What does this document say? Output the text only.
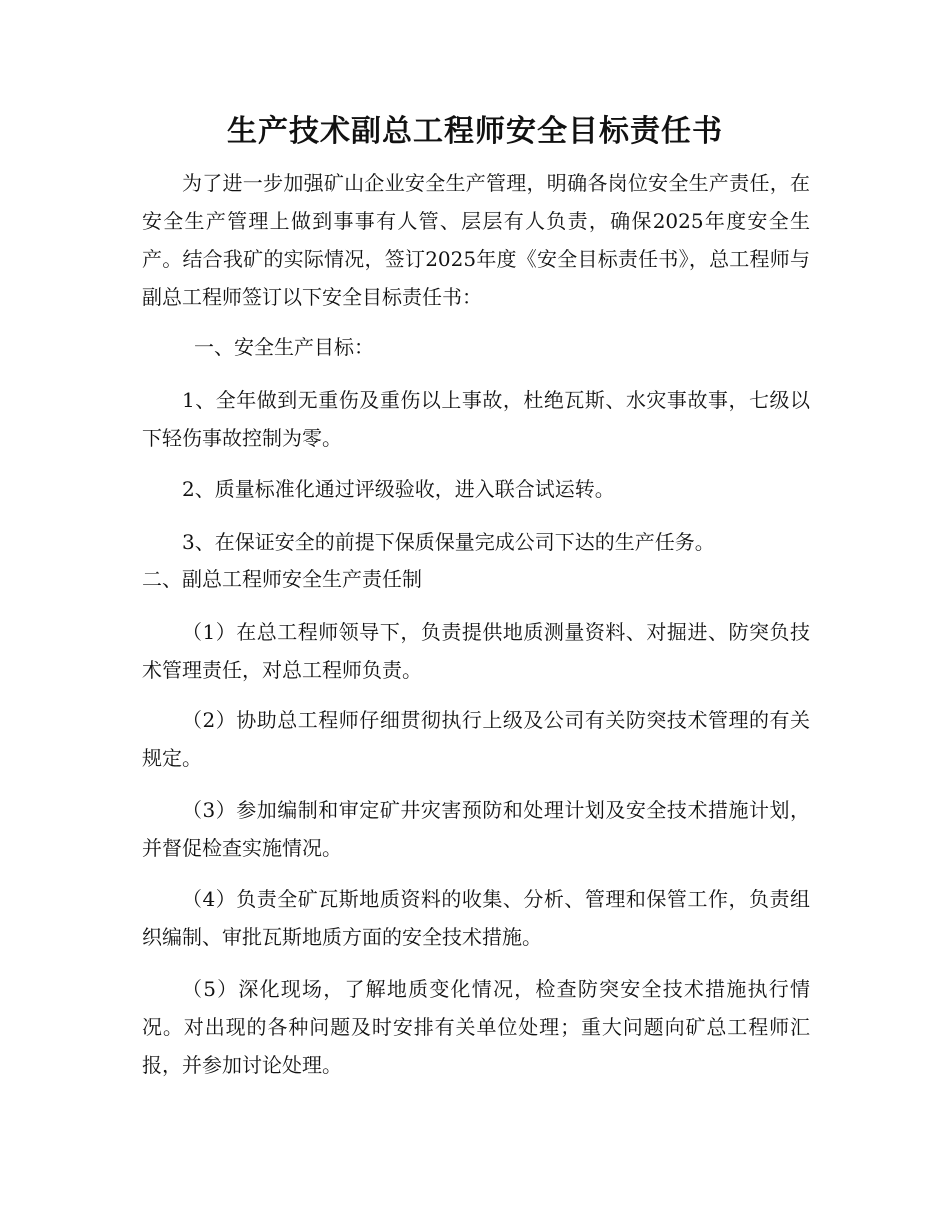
生产技术副总工程师安全目标责任书

为了进一步加强矿山企业安全生产管理，明确各岗位安全生产责任，在安全生产管理上做到事事有人管、层层有人负责，确保2025年度安全生产。结合我矿的实际情况，签订2025年度《安全目标责任书》，总工程师与副总工程师签订以下安全目标责任书：

一、安全生产目标：

1、全年做到无重伤及重伤以上事故，杜绝瓦斯、水灾事故事，七级以下轻伤事故控制为零。

2、质量标准化通过评级验收，进入联合试运转。

3、在保证安全的前提下保质保量完成公司下达的生产任务。

二、副总工程师安全生产责任制

（1）在总工程师领导下，负责提供地质测量资料、对掘进、防突负技术管理责任，对总工程师负责。

（2）协助总工程师仔细贯彻执行上级及公司有关防突技术管理的有关规定。

（3）参加编制和审定矿井灾害预防和处理计划及安全技术措施计划，并督促检查实施情况。

（4）负责全矿瓦斯地质资料的收集、分析、管理和保管工作，负责组织编制、审批瓦斯地质方面的安全技术措施。

（5）深化现场，了解地质变化情况，检查防突安全技术措施执行情况。对出现的各种问题及时安排有关单位处理；重大问题向矿总工程师汇报，并参加讨论处理。
